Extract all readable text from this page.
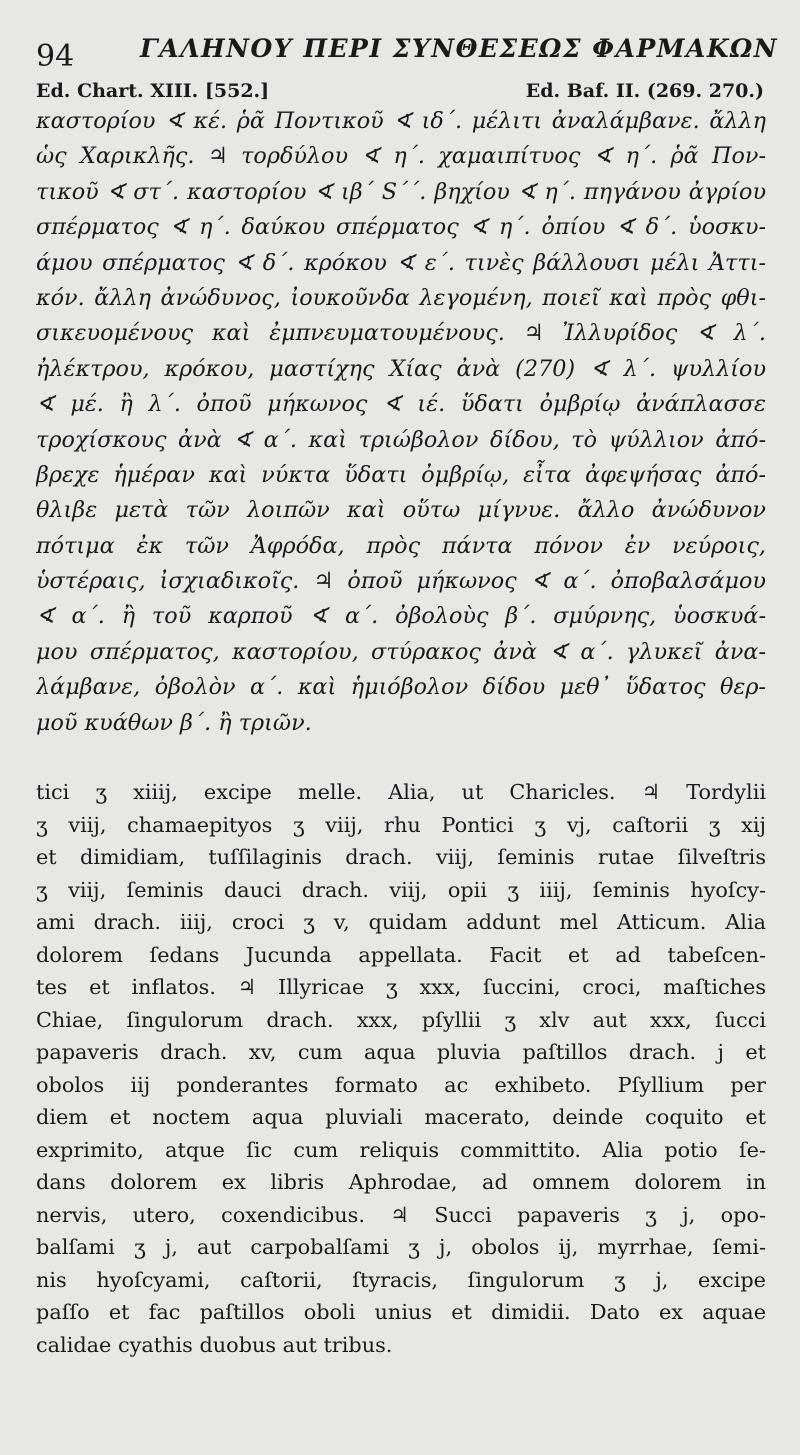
94	ΓΑΛΗΝΟΥ ΠΕΡΙ ΣΥΝΘΕΣΕΩΣ ΦΑΡΜΑΚΩΝ
Ed. Chart. XIII. [552.]	Ed. Baf. II. (269. 270.)
καστορίου ∢ κέ. ῥᾶ Ποντικοῦ ∢ ιδ΄. μέλιτι ἀναλάμβανε. ἄλλη
ὡς Χαρικλῆς. ♃ τορδύλου ∢ η΄. χαμαιπίτυος ∢ η΄. ῥᾶ Πον-
τικοῦ ∢ στ΄. καστορίου ∢ ιβ΄ S΄΄. βηχίου ∢ η΄. πηγάνου ἀγρίου
σπέρματος ∢ η΄. δαύκου σπέρματος ∢ η΄. ὀπίου ∢ δ΄. ὑοσκυ-
άμου σπέρματος ∢ δ΄. κρόκου ∢ ε΄. τινὲς βάλλουσι μέλι Ἀττι-
κόν. ἄλλη ἀνώδυνος, ἰουκοῦνδα λεγομένη, ποιεῖ καὶ πρὸς φθι-
σικευομένους καὶ ἐμπνευματουμένους. ♃ Ἰλλυρίδος ∢ λ΄.
ἠλέκτρου, κρόκου, μαστίχης Χίας ἀνὰ (270) ∢ λ΄. ψυλλίου
∢ μέ. ἢ λ΄. ὀποῦ μήκωνος ∢ ιέ. ὕδατι ὀμβρίῳ ἀνάπλασσε
τροχίσκους ἀνὰ ∢ α΄. καὶ τριώβολον δίδου, τὸ ψύλλιον ἀπό-
βρεχε ἡμέραν καὶ νύκτα ὕδατι ὀμβρίῳ, εἶτα ἀφεψήσας ἀπό-
θλιβε μετὰ τῶν λοιπῶν καὶ οὕτω μίγνυε. ἄλλο ἀνώδυνον
πότιμα ἐκ τῶν Ἀφρόδα, πρὸς πάντα πόνον ἐν νεύροις,
ὑστέραις, ἰσχιαδικοῖς. ♃ ὀποῦ μήκωνος ∢ α΄. ὀποβαλσάμου
∢ α΄. ἢ τοῦ καρποῦ ∢ α΄. ὀβολοὺς β΄. σμύρνης, ὑοσκυά-
μου σπέρματος, καστορίου, στύρακος ἀνὰ ∢ α΄. γλυκεῖ ἀνα-
λάμβανε, ὀβολὸν α΄. καὶ ἡμιόβολον δίδου μεθ᾽ ὕδατος θερ-
μοῦ κυάθων β΄. ἢ τριῶν.
tici ʒ xiiij, excipe melle. Alia, ut Charicles. ♃ Tordylii
ʒ viij, chamaepityos ʒ viij, rhu Pontici ʒ vj, caſtorii ʒ xij
et dimidiam, tuſſilaginis drach. viij, ſeminis rutae ſilveſtris
ʒ viij, ſeminis dauci drach. viij, opii ʒ iiij, ſeminis hyoſcy-
ami drach. iiij, croci ʒ v, quidam addunt mel Atticum. Alia
dolorem ſedans Jucunda appellata. Facit et ad tabeſcen-
tes et inflatos. ♃ Illyricae ʒ xxx, ſuccini, croci, maſtiches
Chiae, ſingulorum drach. xxx, pſyllii ʒ xlv aut xxx, ſucci
papaveris drach. xv, cum aqua pluvia paſtillos drach. j et
obolos iij ponderantes formato ac exhibeto. Pſyllium per
diem et noctem aqua pluviali macerato, deinde coquito et
exprimito, atque ſic cum reliquis committito. Alia potio ſe-
dans dolorem ex libris Aphrodae, ad omnem dolorem in
nervis, utero, coxendicibus. ♃ Succi papaveris ʒ j, opo-
balſami ʒ j, aut carpobalſami ʒ j, obolos ij, myrrhae, ſemi-
nis hyoſcyami, caſtorii, ſtyracis, ſingulorum ʒ j, excipe
paſſo et fac paſtillos oboli unius et dimidii. Dato ex aquae
calidae cyathis duobus aut tribus.
